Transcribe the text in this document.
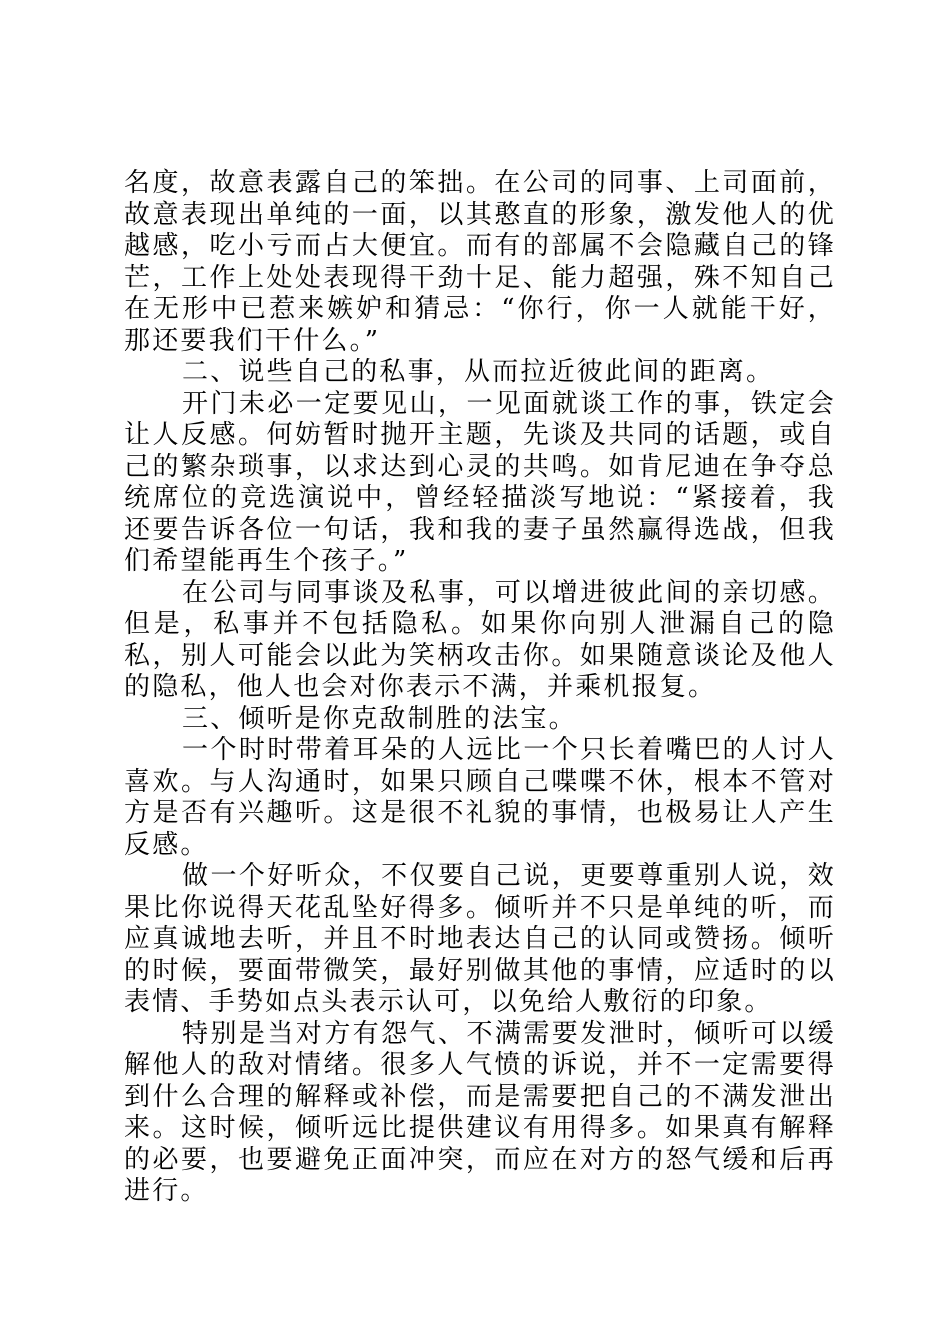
名度，故意表露自己的笨拙。在公司的同事、上司面前，故意表现出单纯的一面，以其憨直的形象，激发他人的优越感，吃小亏而占大便宜。而有的部属不会隐藏自己的锋芒，工作上处处表现得干劲十足、能力超强，殊不知自己在无形中已惹来嫉妒和猜忌：“你行，你一人就能干好，那还要我们干什么。”

二、说些自己的私事，从而拉近彼此间的距离。

开门未必一定要见山，一见面就谈工作的事，铁定会让人反感。何妨暂时抛开主题，先谈及共同的话题，或自己的繁杂琐事，以求达到心灵的共鸣。如肯尼迪在争夺总统席位的竞选演说中，曾经轻描淡写地说：“紧接着，我还要告诉各位一句话，我和我的妻子虽然赢得选战，但我们希望能再生个孩子。”

在公司与同事谈及私事，可以增进彼此间的亲切感。但是，私事并不包括隐私。如果你向别人泄漏自己的隐私，别人可能会以此为笑柄攻击你。如果随意谈论及他人的隐私，他人也会对你表示不满，并乘机报复。

三、倾听是你克敌制胜的法宝。

一个时时带着耳朵的人远比一个只长着嘴巴的人讨人喜欢。与人沟通时，如果只顾自己喋喋不休，根本不管对方是否有兴趣听。这是很不礼貌的事情，也极易让人产生反感。

做一个好听众，不仅要自己说，更要尊重别人说，效果比你说得天花乱坠好得多。倾听并不只是单纯的听，而应真诚地去听，并且不时地表达自己的认同或赞扬。倾听的时候，要面带微笑，最好别做其他的事情，应适时的以表情、手势如点头表示认可，以免给人敷衍的印象。

特别是当对方有怨气、不满需要发泄时，倾听可以缓解他人的敌对情绪。很多人气愤的诉说，并不一定需要得到什么合理的解释或补偿，而是需要把自己的不满发泄出来。这时候，倾听远比提供建议有用得多。如果真有解释的必要，也要避免正面冲突，而应在对方的怒气缓和后再进行。
